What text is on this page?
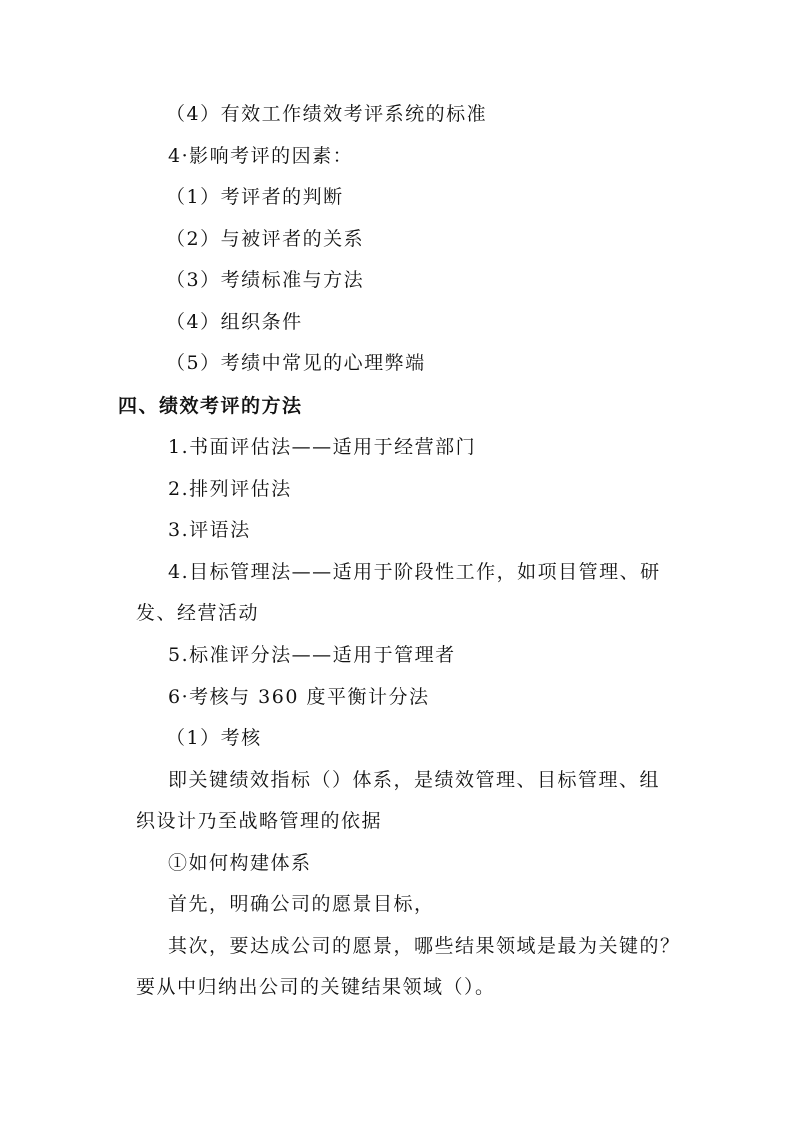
（4）有效工作绩效考评系统的标准
4·影响考评的因素：
（1）考评者的判断
（2）与被评者的关系
（3）考绩标准与方法
（4）组织条件
（5）考绩中常见的心理弊端
四、绩效考评的方法
1.书面评估法——适用于经营部门
2.排列评估法
3.评语法
4.目标管理法——适用于阶段性工作，如项目管理、研
发、经营活动
5.标准评分法——适用于管理者
6·考核与 360 度平衡计分法
（1）考核
即关键绩效指标（）体系，是绩效管理、目标管理、组
织设计乃至战略管理的依据
①如何构建体系
首先，明确公司的愿景目标，
其次，要达成公司的愿景，哪些结果领域是最为关键的？
要从中归纳出公司的关键结果领域（）。
